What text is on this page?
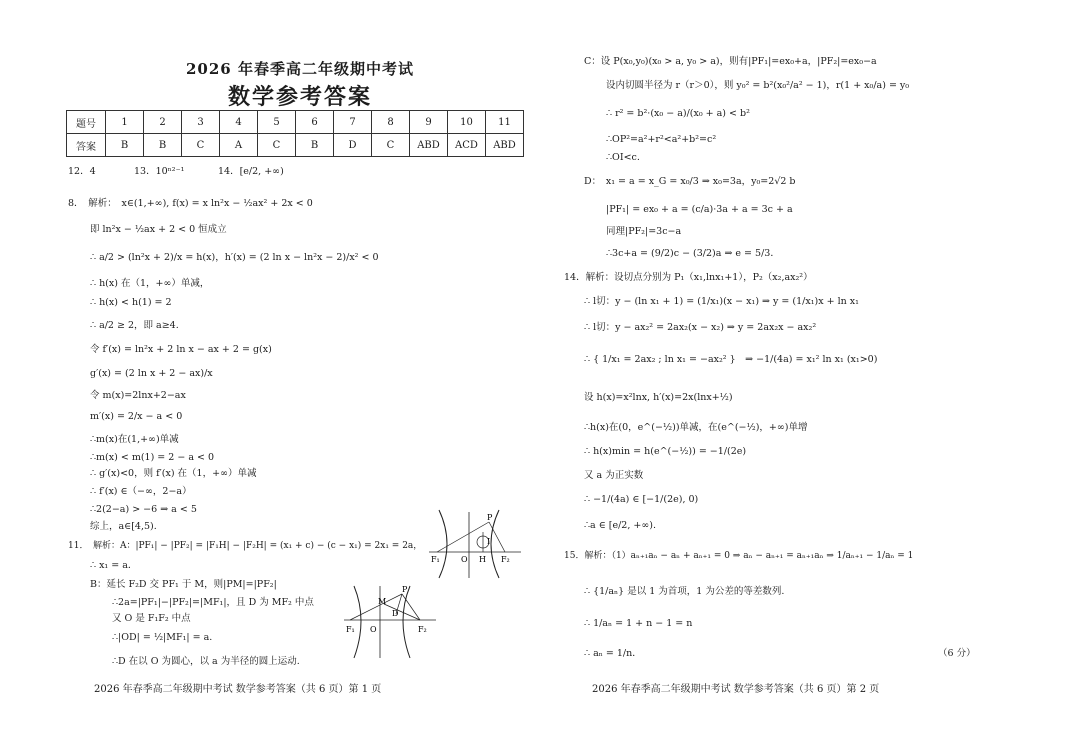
2026 年春季高二年级期中考试
数学参考答案
题号	1	2	3	4	5	6	7	8	9	10	11
答案	B	B	C	A	C	B	D	C	ABD	ACD	ABD
12．4	13．10ⁿ²⁻¹	14．[e/2, +∞)
8．　解析：　x∈(1,+∞), f(x) = x ln²x − ½ax² + 2x < 0
即 ln²x − ½ax + 2 < 0 恒成立
∴ a/2 > (ln²x + 2)/x = h(x)，h′(x) = (2 ln x − ln²x − 2)/x² < 0
∴ h(x) 在（1，+∞）单减，
∴ h(x) < h(1) = 2
∴ a/2 ≥ 2，即 a≥4.
令 f′(x) = ln²x + 2 ln x − ax + 2 = g(x)
g′(x) = (2 ln x + 2 − ax)/x
令 m(x)=2lnx+2−ax
m′(x) = 2/x − a < 0
∴m(x)在(1,+∞)单减
∴m(x) < m(1) = 2 − a < 0
∴ g′(x)<0，则 f′(x) 在（1，+∞）单减
∴ f′(x) ∈（−∞，2−a）
∴2(2−a) > −6 ⇒ a < 5
综上，a∈[4,5).
11．　解析：A：|PF₁| − |PF₂| = |F₁H| − |F₂H| = (x₁ + c) − (c − x₁) = 2x₁ = 2a，
∴ x₁ = a．
B：延长 F₂D 交 PF₁ 于 M，则|PM|=|PF₂|
∴2a=|PF₁|−|PF₂|=|MF₁|，且 D 为 MF₂ 中点
又 O 是 F₁F₂ 中点
∴|OD| = ½|MF₁| = a.
∴D 在以 O 为圆心，以 a 为半径的圆上运动.
F₁	O H F₂
P
I
F₁ O	F₂
P
M
D
2026 年春季高二年级期中考试 数学参考答案（共 6 页）第 1 页
C：设 P(x₀,y₀)(x₀ > a, y₀ > a)，则有|PF₁|=ex₀+a，|PF₂|=ex₀−a
设内切圆半径为 r（r＞0），则 y₀² = b²(x₀²/a² − 1)，r(1 + x₀/a) = y₀
∴ r² = b²·(x₀ − a)/(x₀ + a) < b²
∴OP²=a²+r²<a²+b²=c²
∴OI<c.
D：　x₁ = a = x_G = x₀/3 ⇒ x₀=3a，y₀=2√2 b
|PF₁| = ex₀ + a = (c/a)·3a + a = 3c + a
同理|PF₂|=3c−a
∴3c+a = (9/2)c − (3/2)a ⇒ e = 5/3．
14．解析：设切点分别为 P₁（x₁,lnx₁+1），P₂（x₂,ax₂²）
∴ l切：y − (ln x₁ + 1) = (1/x₁)(x − x₁) ⇒ y = (1/x₁)x + ln x₁
∴ l切：y − ax₂² = 2ax₂(x − x₂) ⇒ y = 2ax₂x − ax₂²
∴ { 1/x₁ = 2ax₂ ; ln x₁ = −ax₂² }　⇒ −1/(4a) = x₁² ln x₁ (x₁>0)
设 h(x)=x²lnx, h′(x)=2x(lnx+½)
∴h(x)在(0，e^(−½))单减，在(e^(−½)，+∞)单增
∴ h(x)min = h(e^(−½)) = −1/(2e)
又 a 为正实数
∴ −1/(4a) ∈ [−1/(2e), 0)
∴a ∈ [e/2, +∞).
15．解析：（1）aₙ₊₁aₙ − aₙ + aₙ₊₁ = 0 ⇒ aₙ − aₙ₊₁ = aₙ₊₁aₙ ⇒ 1/aₙ₊₁ − 1/aₙ = 1
∴ {1/aₙ} 是以 1 为首项，1 为公差的等差数列.
∴ 1/aₙ = 1 + n − 1 = n
∴ aₙ = 1/n．	（6 分）
2026 年春季高二年级期中考试 数学参考答案（共 6 页）第 2 页
